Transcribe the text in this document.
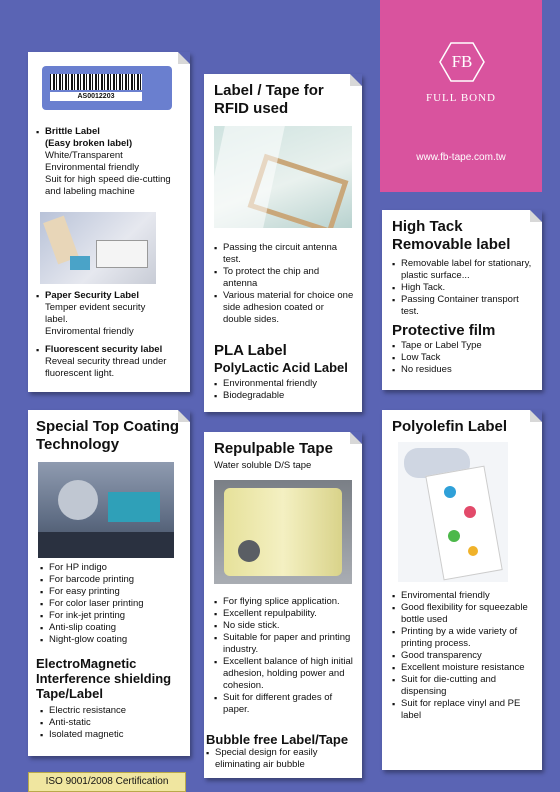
FB
FULL BOND
www.fb-tape.com.tw
AS0012203
▪ Brittle Label
(Easy broken label)
White/Transparent
Environmental friendly
Suit for high speed die-cutting
and labeling machine
▪ Paper Security Label
Temper evident security
label.
Enviromental friendly
▪ Fluorescent security label
Reveal security thread under
fluorescent light.
Label / Tape for
RFID used
▪ Passing the circuit antenna test.
▪ To protect the chip and antenna
▪ Various material for choice one side adhesion coated or double sides.
PLA Label
PolyLactic Acid Label
▪ Environmental friendly
▪ Biodegradable
High Tack
Removable label
▪ Removable label for stationary, plastic surface...
▪ High Tack.
▪ Passing Container transport test.
Protective film
▪ Tape or Label Type
▪ Low Tack
▪ No residues
Special Top Coating
Technology
▪ For HP indigo
▪ For barcode printing
▪ For easy printing
▪ For color laser printing
▪ For ink-jet printing
▪ Anti-slip coating
▪ Night-glow coating
ElectroMagnetic
Interference shielding
Tape/Label
▪ Electric resistance
▪ Anti-static
▪ Isolated magnetic
Repulpable Tape
Water soluble D/S tape
▪ For flying splice application.
▪ Excellent repulpability.
▪ No side stick.
▪ Suitable for paper and printing industry.
▪ Excellent balance of high initial adhesion, holding power and cohesion.
▪ Suit for different grades of paper.
Bubble free Label/Tape
▪ Special design for easily eliminating air bubble
Polyolefin Label
▪ Enviromental friendly
▪ Good flexibility for squeezable bottle used
▪ Printing by a wide variety of printing process.
▪ Good transparency
▪ Excellent moisture resistance
▪ Suit for die-cutting and dispensing
▪ Suit for replace vinyl and PE label
ISO 9001/2008 Certification
